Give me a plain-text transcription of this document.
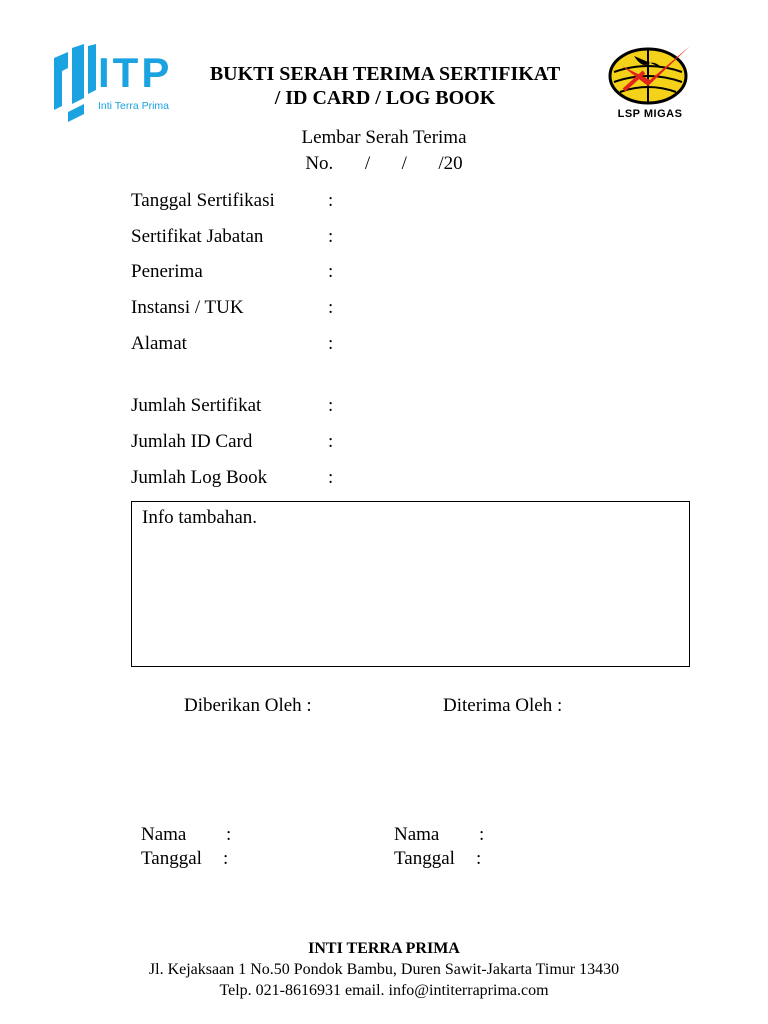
ITP
Inti Terra Prima
BUKTI SERAH TERIMA SERTIFIKAT
/ ID CARD / LOG BOOK
LSP MIGAS
Lembar Serah Terima
No. / / /20
Tanggal Sertifikasi	:
Sertifikat Jabatan	:
Penerima	:
Instansi / TUK	:
Alamat	:
Jumlah Sertifikat	:
Jumlah ID Card	:
Jumlah Log Book	:
Info tambahan.
Diberikan Oleh :	Diterima Oleh :
Nama :
Tanggal :
Nama :
Tanggal :
INTI TERRA PRIMA
Jl. Kejaksaan 1 No.50 Pondok Bambu, Duren Sawit-Jakarta Timur 13430
Telp. 021-8616931 email. info@intiterraprima.com
